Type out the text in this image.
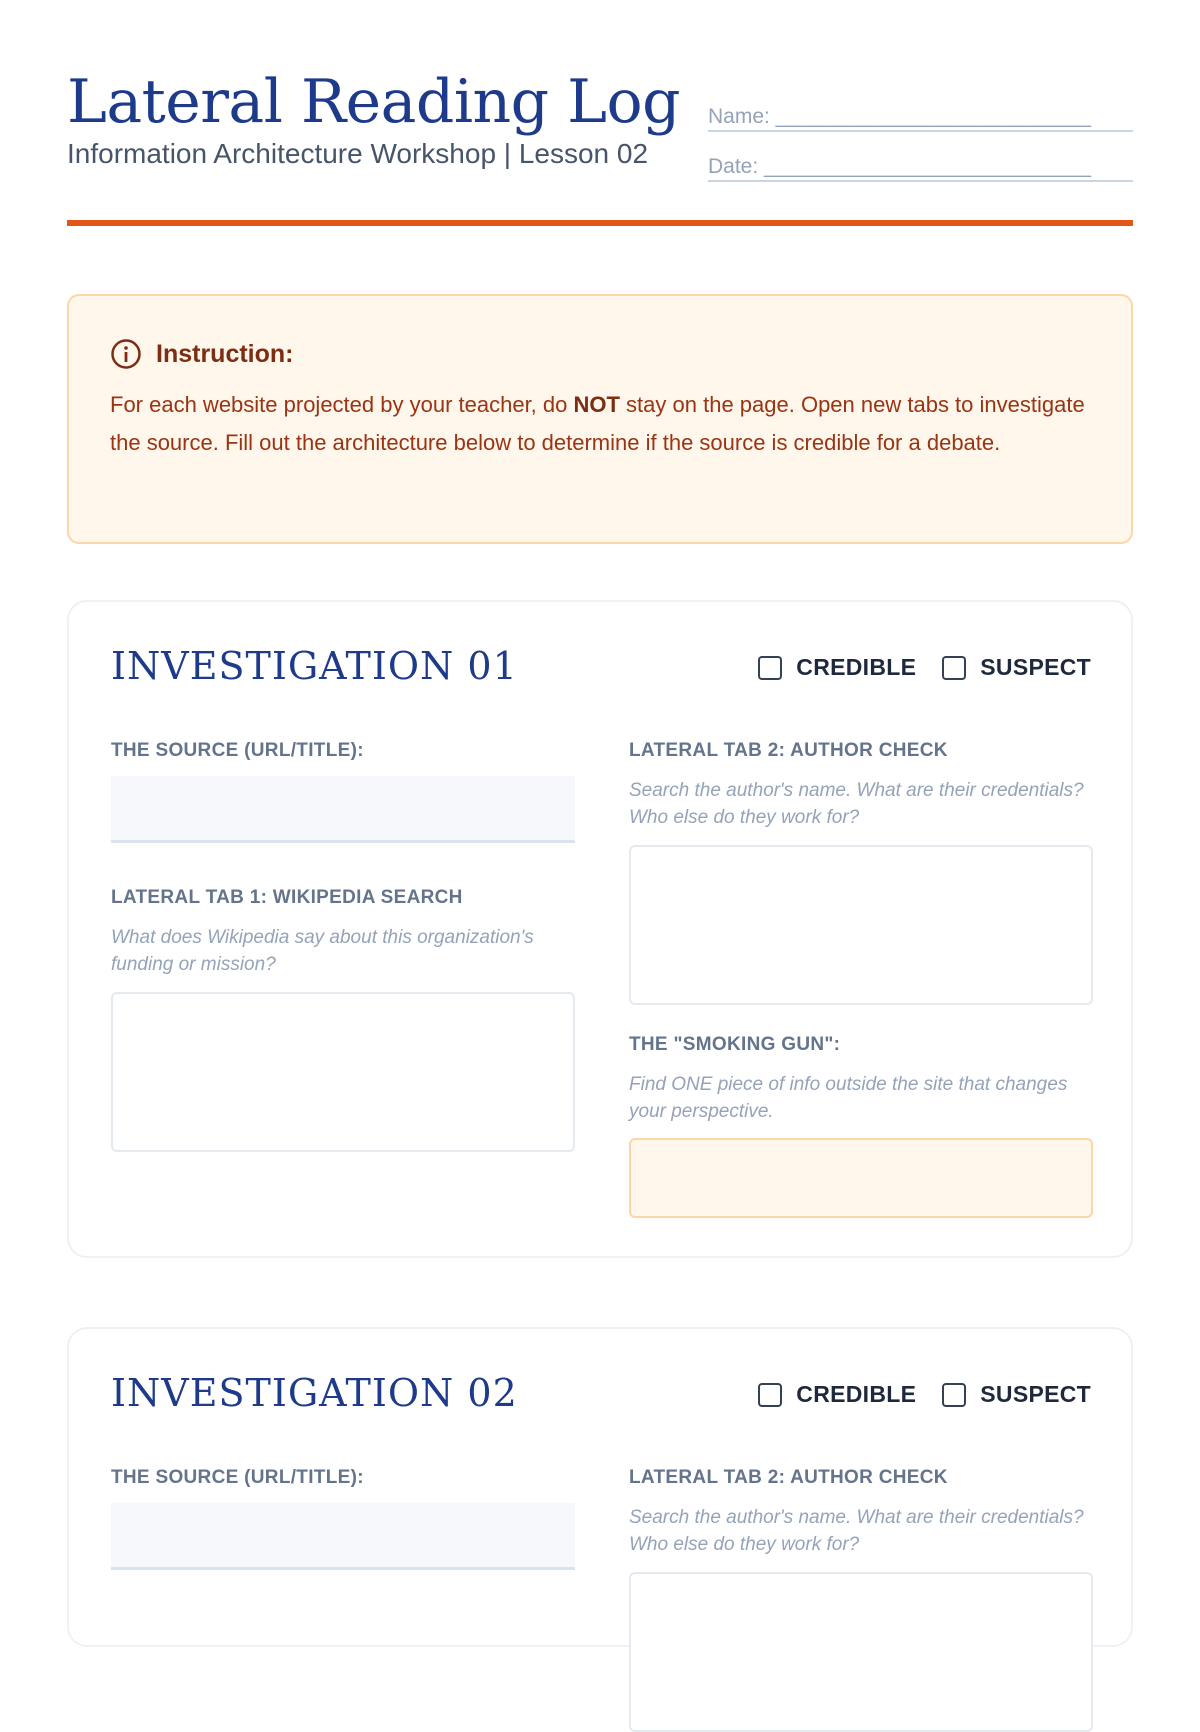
Lateral Reading Log
Information Architecture Workshop | Lesson 02
Name: ___________________________
Date: ____________________________
Instruction:
For each website projected by your teacher, do NOT stay on the page. Open new tabs to investigate the source. Fill out the architecture below to determine if the source is credible for a debate.
INVESTIGATION 01	CREDIBLE	SUSPECT
THE SOURCE (URL/TITLE):
LATERAL TAB 1: WIKIPEDIA SEARCH
What does Wikipedia say about this organization's funding or mission?
LATERAL TAB 2: AUTHOR CHECK
Search the author's name. What are their credentials? Who else do they work for?
THE "SMOKING GUN":
Find ONE piece of info outside the site that changes your perspective.
INVESTIGATION 02	CREDIBLE	SUSPECT
THE SOURCE (URL/TITLE):	LATERAL TAB 2: AUTHOR CHECK
Search the author's name. What are their credentials? Who else do they work for?
